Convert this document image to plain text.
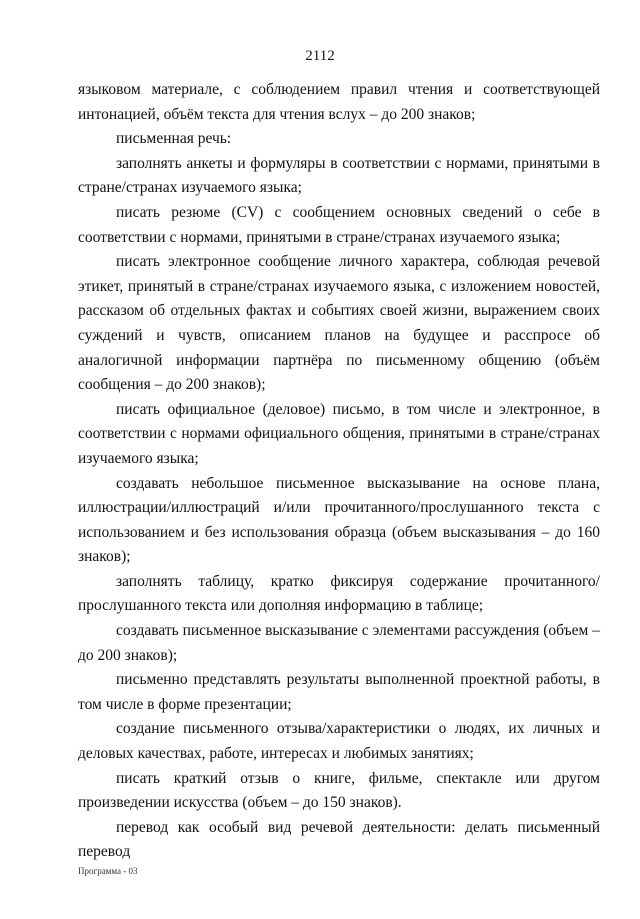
2112

языковом материале, с соблюдением правил чтения и соответствующей интонацией, объём текста для чтения вслух – до 200 знаков;

письменная речь:

заполнять анкеты и формуляры в соответствии с нормами, принятыми в стране/странах изучаемого языка;

писать резюме (CV) с сообщением основных сведений о себе в соответствии с нормами, принятыми в стране/странах изучаемого языка;

писать электронное сообщение личного характера, соблюдая речевой этикет, принятый в стране/странах изучаемого языка, с изложением новостей, рассказом об отдельных фактах и событиях своей жизни, выражением своих суждений и чувств, описанием планов на будущее и расспросе об аналогичной информации партнёра по письменному общению (объём сообщения – до 200 знаков);

писать официальное (деловое) письмо, в том числе и электронное, в соответствии с нормами официального общения, принятыми в стране/странах изучаемого языка;

создавать небольшое письменное высказывание на основе плана, иллюстрации/иллюстраций и/или прочитанного/прослушанного текста с использованием и без использования образца (объем высказывания – до 160 знаков);

заполнять таблицу, кратко фиксируя содержание прочитанного/прослушанного текста или дополняя информацию в таблице;

создавать письменное высказывание с элементами рассуждения (объем – до 200 знаков);

письменно представлять результаты выполненной проектной работы, в том числе в форме презентации;

создание письменного отзыва/характеристики о людях, их личных и деловых качествах, работе, интересах и любимых занятиях;

писать краткий отзыв о книге, фильме, спектакле или другом произведении искусства (объем – до 150 знаков).

перевод как особый вид речевой деятельности: делать письменный перевод

Программа - 03
